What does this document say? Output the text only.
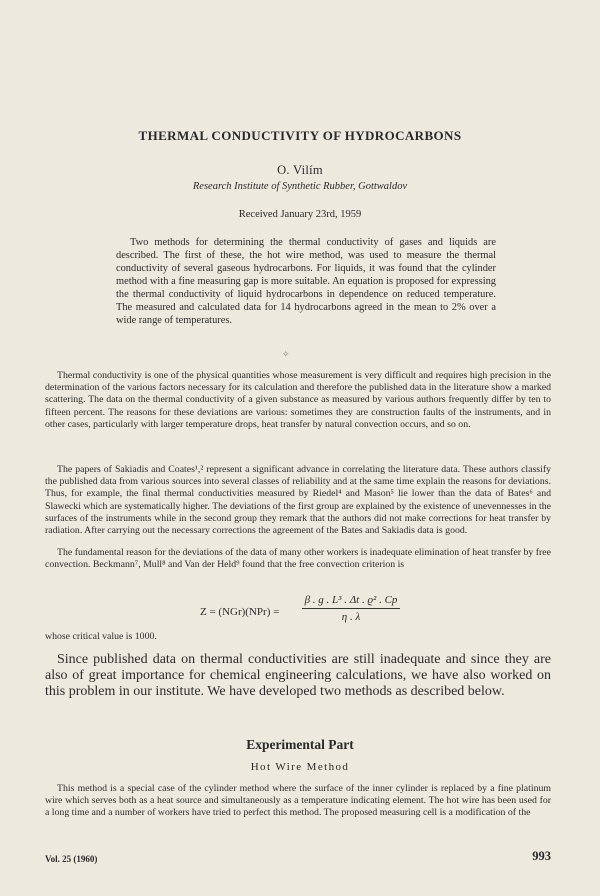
THERMAL CONDUCTIVITY OF HYDROCARBONS
O. Vilím
Research Institute of Synthetic Rubber, Gottwaldov
Received January 23rd, 1959

Two methods for determining the thermal conductivity of gases and liquids are described. The first of these, the hot wire method, was used to measure the thermal conductivity of several gaseous hydrocarbons. For liquids, it was found that the cylinder method with a fine measuring gap is more suitable. An equation is proposed for expressing the thermal conductivity of liquid hydrocarbons in dependence on reduced temperature. The measured and calculated data for 14 hydrocarbons agreed in the mean to 2% over a wide range of temperatures.

✧

Thermal conductivity is one of the physical quantities whose measurement is very difficult and requires high precision in the determination of the various factors necessary for its calculation and therefore the published data in the literature show a marked scattering. The data on the thermal conductivity of a given substance as measured by various authors frequently differ by ten to fifteen percent. The reasons for these deviations are various: sometimes they are construction faults of the instruments, and in other cases, particularly with larger temperature drops, heat transfer by natural convection occurs, and so on.

The papers of Sakiadis and Coates¹,² represent a significant advance in correlating the literature data. These authors classify the published data from various sources into several classes of reliability and at the same time explain the reasons for deviations. Thus, for example, the final thermal conductivities measured by Riedel⁴ and Mason⁵ lie lower than the data of Bates⁶ and Slawecki which are systematically higher. The deviations of the first group are explained by the existence of unevennesses in the surfaces of the instruments while in the second group they remark that the authors did not make corrections for heat transfer by radiation. After carrying out the necessary corrections the agreement of the Bates and Sakiadis data is good.

The fundamental reason for the deviations of the data of many other workers is inadequate elimination of heat transfer by free convection. Beckmann⁷, Mull⁸ and Van der Held⁹ found that the free convection criterion is

$Z = (NGr)(NPr) = \frac{\text{β . g . L³ . Δt . ϱ² . Cp}}{\eta . \lambda}$

whose critical value is 1000.

Since published data on thermal conductivities are still inadequate and since they are also of great importance for chemical engineering calculations, we have also worked on this problem in our institute. We have developed two methods as described below.

Experimental Part
Hot Wire Method

This method is a special case of the cylinder method where the surface of the inner cylinder is replaced by a fine platinum wire which serves both as a heat source and simultaneously as a temperature indicating element. The hot wire has been used for a long time and a number of workers have tried to perfect this method. The proposed measuring cell is a modification of the

Vol. 25 (1960)	993
